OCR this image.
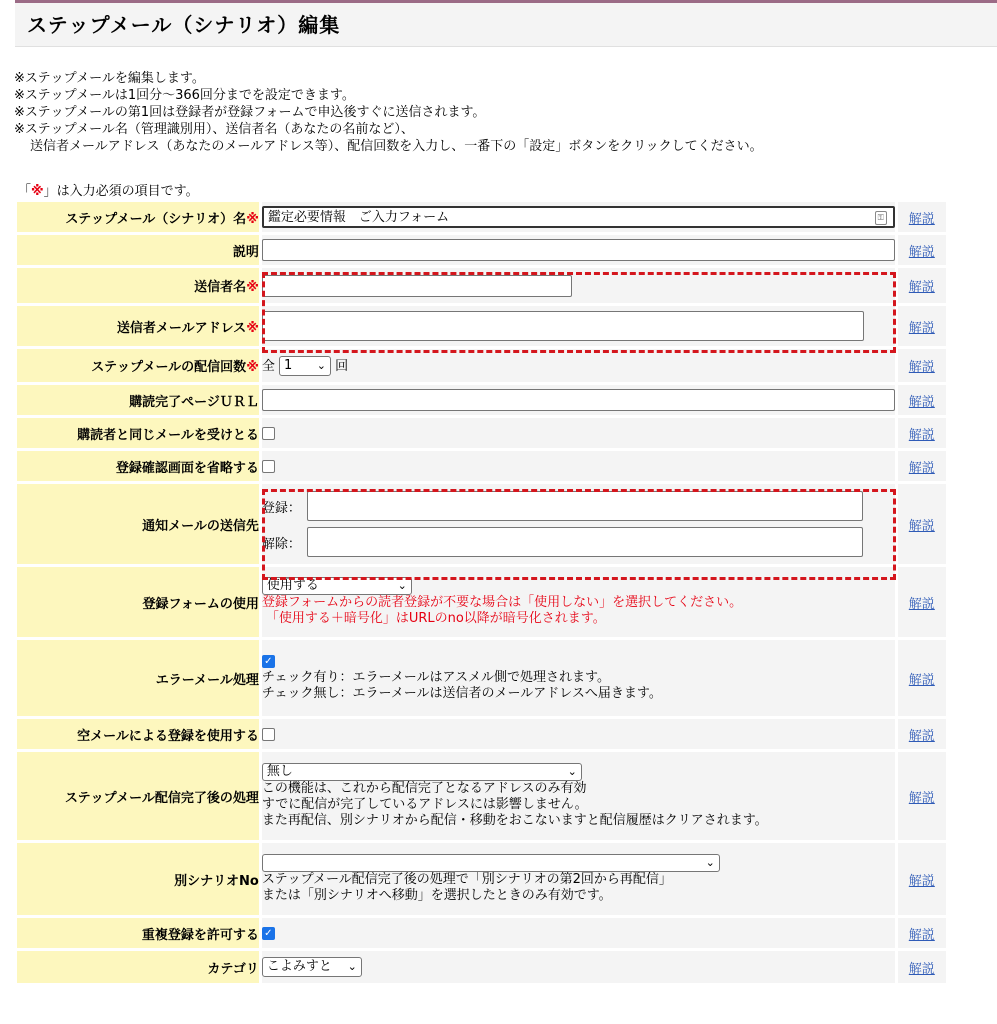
ステップメール（シナリオ）編集
※ステップメールを編集します。
※ステップメールは1回分〜366回分までを設定できます。
※ステップメールの第1回は登録者が登録フォームで申込後すぐに送信されます。
※ステップメール名（管理識別用）、送信者名（あなたの名前など）、
送信者メールアドレス（あなたのメールアドレス等）、配信回数を入力し、一番下の「設定」ボタンをクリックしてください。
「※」は入力必須の項目です。
ステップメール（シナリオ）名※	鑑定必要情報　ご入力フォーム ⚿	解説
説明		解説
送信者名※		解説
送信者メールアドレス※		解説
ステップメールの配信回数※	全 1 ⌄ 回	解説
購読完了ページＵＲＬ		解説
購読者と同じメールを受けとる		解説
登録確認画面を省略する		解説
通知メールの送信先	登録：
解除：	解説
登録フォームの使用	使用する ⌄
登録フォームからの読者登録が不要な場合は「使用しない」を選択してください。
「使用する＋暗号化」はURLのno以降が暗号化されます。	解説
エラーメール処理	✓
チェック有り：エラーメールはアスメル側で処理されます。
チェック無し：エラーメールは送信者のメールアドレスへ届きます。	解説
空メールによる登録を使用する		解説
ステップメール配信完了後の処理	無し ⌄
この機能は、これから配信完了となるアドレスのみ有効
すでに配信が完了しているアドレスには影響しません。
また再配信、別シナリオから配信・移動をおこないますと配信履歴はクリアされます。	解説
別シナリオNo	⌄
ステップメール配信完了後の処理で「別シナリオの第2回から再配信」
または「別シナリオへ移動」を選択したときのみ有効です。	解説
重複登録を許可する	✓	解説
カテゴリ	こよみすと ⌄	解説
